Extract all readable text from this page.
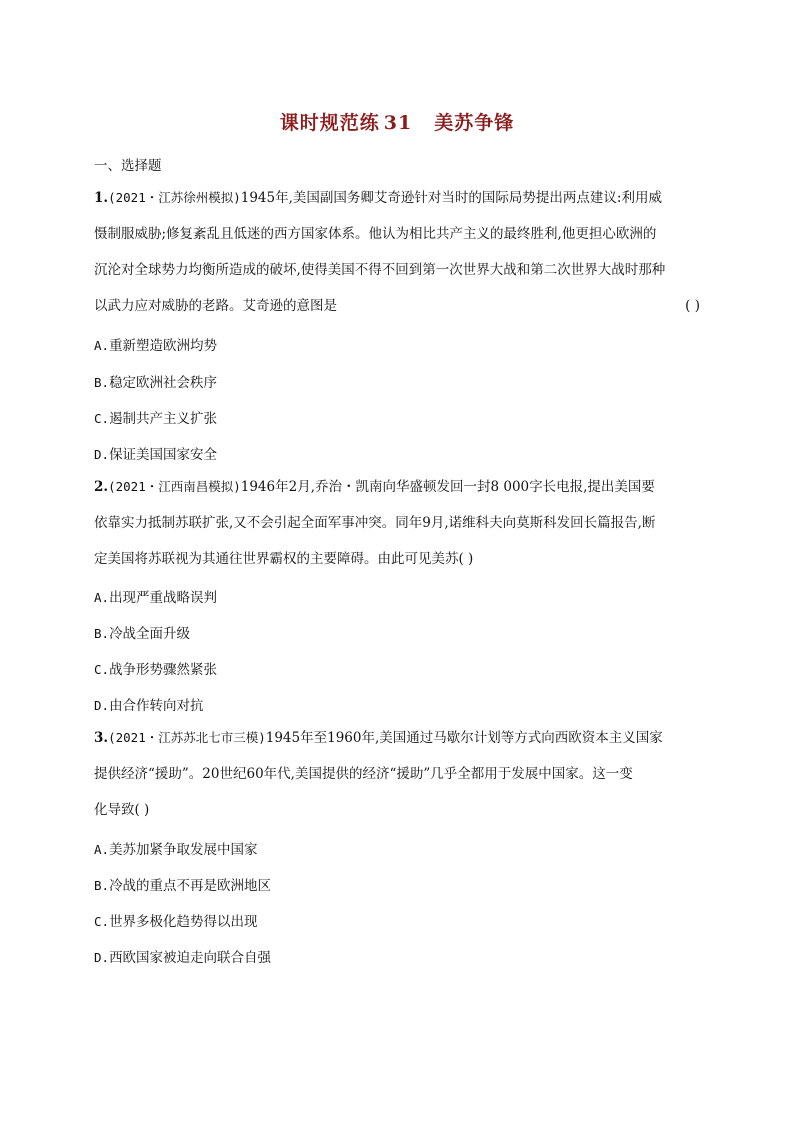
课时规范练 31 美苏争锋
一、选择题
1.(2021・江苏徐州模拟)1945年,美国副国务卿艾奇逊针对当时的国际局势提出两点建议:利用威
慑制服威胁;修复紊乱且低迷的西方国家体系。他认为相比共产主义的最终胜利,他更担心欧洲的
沉沦对全球势力均衡所造成的破坏,使得美国不得不回到第一次世界大战和第二次世界大战时那种
以武力应对威胁的老路。艾奇逊的意图是	( )
A.重新塑造欧洲均势
B.稳定欧洲社会秩序
C.遏制共产主义扩张
D.保证美国国家安全
2.(2021・江西南昌模拟)1946年2月,乔治・凯南向华盛顿发回一封8 000字长电报,提出美国要
依靠实力抵制苏联扩张,又不会引起全面军事冲突。同年9月,诺维科夫向莫斯科发回长篇报告,断
定美国将苏联视为其通往世界霸权的主要障碍。由此可见美苏( )
A.出现严重战略误判
B.冷战全面升级
C.战争形势骤然紧张
D.由合作转向对抗
3.(2021・江苏苏北七市三模)1945年至1960年,美国通过马歇尔计划等方式向西欧资本主义国家
提供经济“援助”。20世纪60年代,美国提供的经济“援助”几乎全都用于发展中国家。这一变
化导致( )
A.美苏加紧争取发展中国家
B.冷战的重点不再是欧洲地区
C.世界多极化趋势得以出现
D.西欧国家被迫走向联合自强
